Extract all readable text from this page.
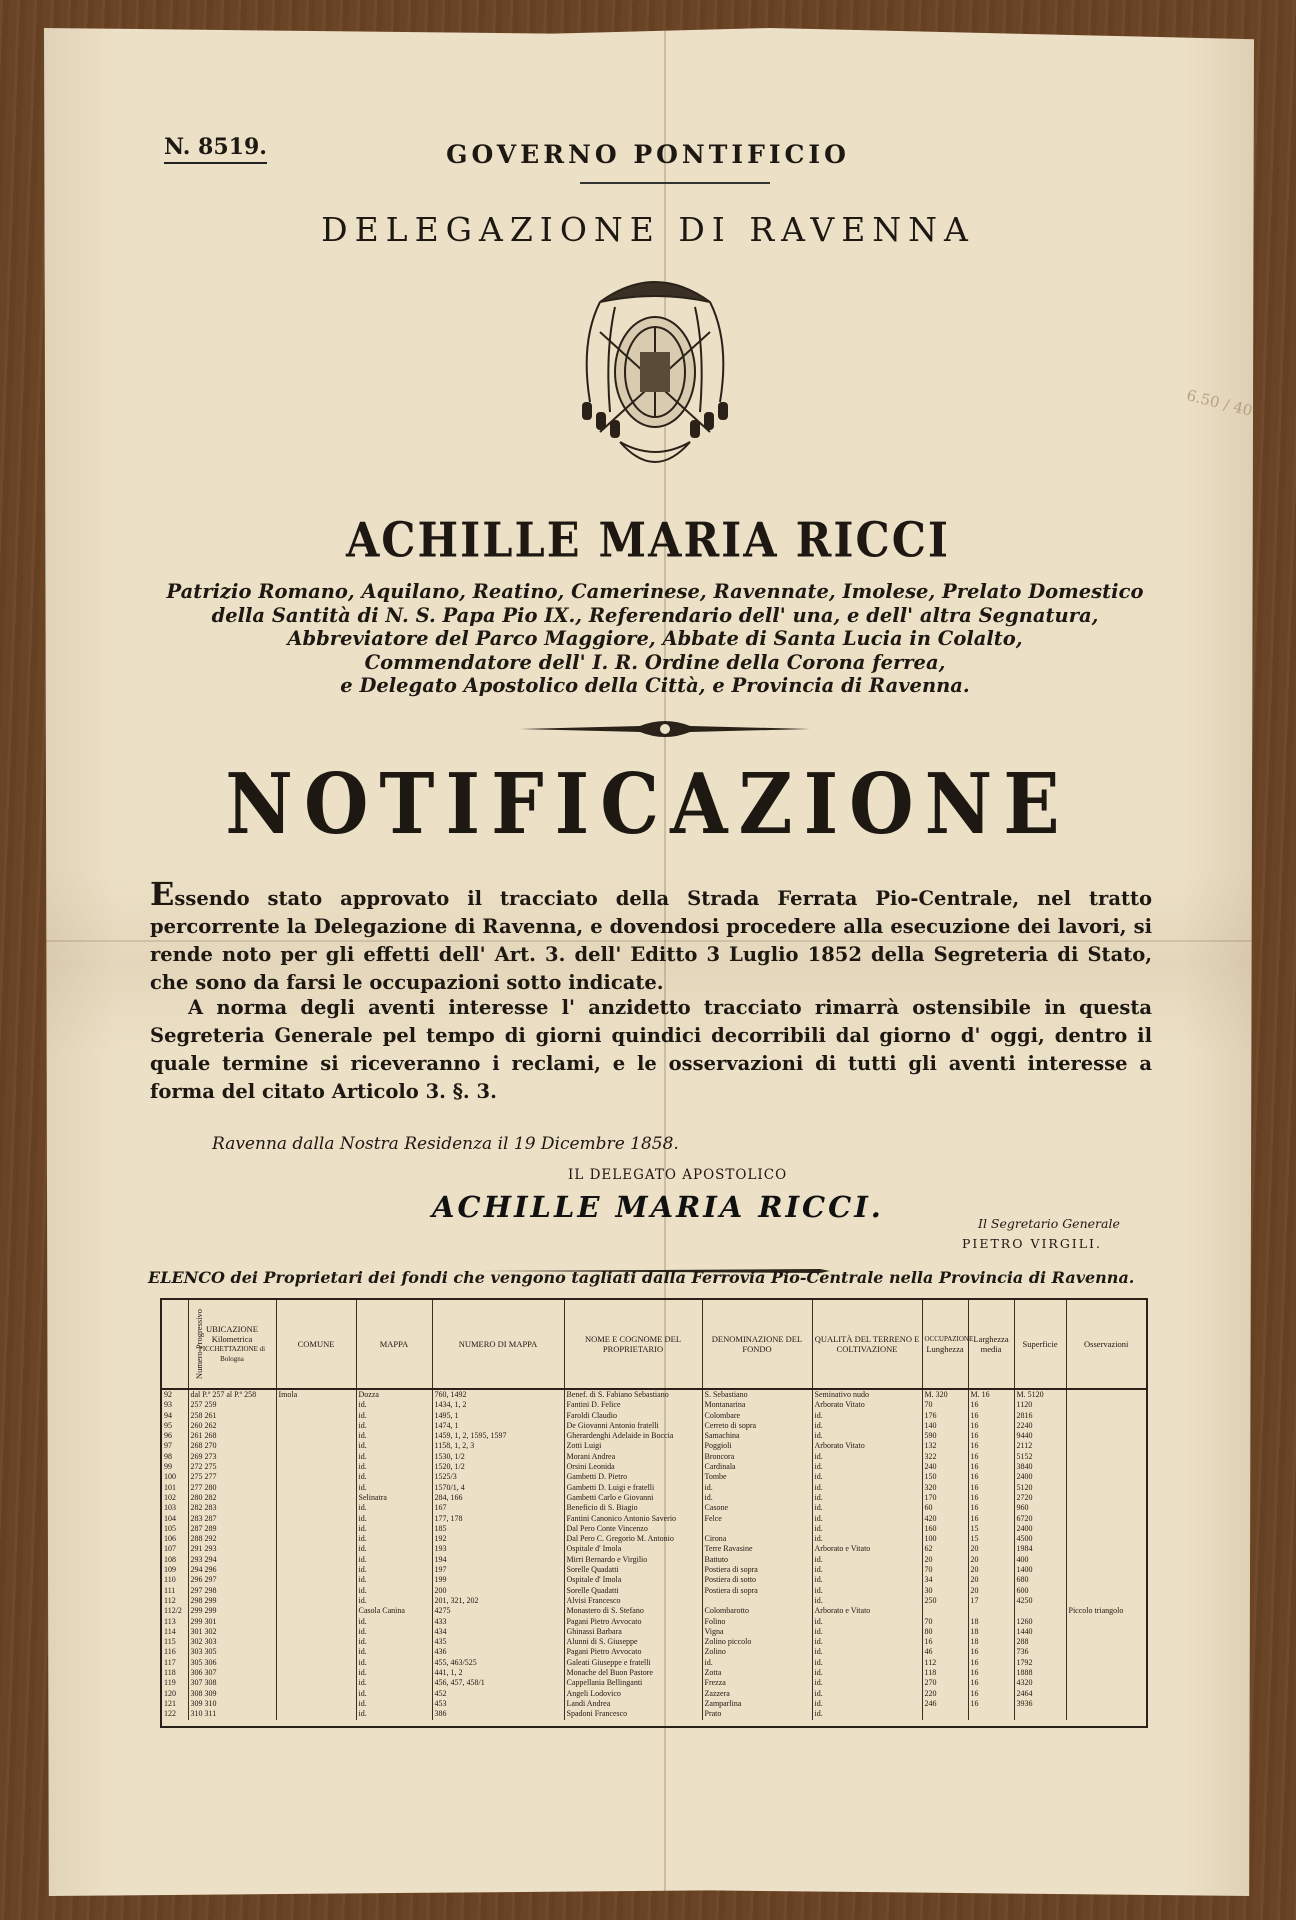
N. 8519.	GOVERNO PONTIFICIO
DELEGAZIONE DI RAVENNA
ACHILLE MARIA RICCI
Patrizio Romano, Aquilano, Reatino, Camerinese, Ravennate, Imolese, Prelato Domestico
della Santità di N. S. Papa Pio IX., Referendario dell' una, e dell' altra Segnatura,
Abbreviatore del Parco Maggiore, Abbate di Santa Lucia in Colalto,
Commendatore dell' I. R. Ordine della Corona ferrea,
e Delegato Apostolico della Città, e Provincia di Ravenna.
NOTIFICAZIONE
Essendo stato approvato il tracciato della Strada Ferrata Pio-Centrale, nel tratto percorrente la Delegazione di Ravenna, e dovendosi procedere alla esecuzione dei lavori, si rende noto per gli effetti dell' Art. 3. dell' Editto 3 Luglio 1852 della Segreteria di Stato, che sono da farsi le occupazioni sotto indicate.
A norma degli aventi interesse l' anzidetto tracciato rimarrà ostensibile in questa Segreteria Generale pel tempo di giorni quindici decorribili dal giorno d' oggi, dentro il quale termine si riceveranno i reclami, e le osservazioni di tutti gli aventi interesse a forma del citato Articolo 3. §. 3.
Ravenna dalla Nostra Residenza il 19 Dicembre 1858.
IL DELEGATO APOSTOLICO
ACHILLE MARIA RICCI.	Il Segretario Generale
PIETRO VIRGILI.
6.50 / 40
ELENCO dei Proprietari dei fondi che vengono tagliati dalla Ferrovia Pio-Centrale nella Provincia di Ravenna.
Numero Progressivo	UBICAZIONE Kilometrica
PICCHETTAZIONE di Bologna	COMUNE	MAPPA	NUMERO DI MAPPA	NOME E COGNOME DEL PROPRIETARIO	DENOMINAZIONE DEL FONDO	QUALITÀ DEL TERRENO E COLTIVAZIONE	OCCUPAZIONE
Lunghezza	Larghezza media	Superficie	Osservazioni
92	dal P.º 257 al P.º 258	Imola	Dozza	760, 1492	Benef. di S. Fabiano Sebastiano	S. Sebastiano	Seminativo nudo	M. 320	M. 16	M. 5120	
93	257 259		id.	1434, 1, 2	Fantini D. Felice	Montanarina	Arborato Vitato	70	16	1120	
94	258 261		id.	1495, 1	Faroldi Claudio	Colombare	id.	176	16	2816	
95	260 262		id.	1474, 1	De Giovanni Antonio fratelli	Cerreto di sopra	id.	140	16	2240	
96	261 268		id.	1459, 1, 2, 1595, 1597	Gherardenghi Adelaide in Boccia	Samachina	id.	590	16	9440	
97	268 270		id.	1158, 1, 2, 3	Zotti Luigi	Poggioli	Arborato Vitato	132	16	2112	
98	269 273		id.	1530, 1/2	Morani Andrea	Broncora	id.	322	16	5152	
99	272 275		id.	1520, 1/2	Orsini Leonida	Cardinala	id.	240	16	3840	
100	275 277		id.	1525/3	Gambetti D. Pietro	Tombe	id.	150	16	2400	
101	277 280		id.	1570/1, 4	Gambetti D. Luigi e fratelli	id.	id.	320	16	5120	
102	280 282		Selinatra	284, 166	Gambetti Carlo e Giovanni	id.	id.	170	16	2720	
103	282 283		id.	167	Beneficio di S. Biagio	Casone	id.	60	16	960	
104	283 287		id.	177, 178	Fantini Canonico Antonio Saverio	Felce	id.	420	16	6720	
105	287 289		id.	185	Dal Pero Conte Vincenzo		id.	160	15	2400	
106	288 292		id.	192	Dal Pero C. Gregorio M. Antonio	Cirona	id.	100	15	4500	
107	291 293		id.	193	Ospitale d' Imola	Terre Ravasine	Arborato e Vitato	62	20	1984	
108	293 294		id.	194	Mirri Bernardo e Virgilio	Battuto	id.	20	20	400	
109	294 296		id.	197	Sorelle Quadatti	Postiera di sopra	id.	70	20	1400	
110	296 297		id.	199	Ospitale d' Imola	Postiera di sotto	id.	34	20	680	
111	297 298		id.	200	Sorelle Quadatti	Postiera di sopra	id.	30	20	600	
112	298 299		id.	201, 321, 202	Alvisi Francesco		id.	250	17	4250	
112/2	299 299		Casola Canina	4275	Monastero di S. Stefano	Colombarotto	Arborato e Vitato				Piccolo triangolo
113	299 301		id.	433	Pagani Pietro Avvocato	Folino	id.	70	18	1260	
114	301 302		id.	434	Ghinassi Barbara	Vigna	id.	80	18	1440	
115	302 303		id.	435	Alunni di S. Giuseppe	Zolino piccolo	id.	16	18	288	
116	303 305		id.	436	Pagani Pietro Avvocato	Zolino	id.	46	16	736	
117	305 306		id.	455, 463/525	Galeati Giuseppe e fratelli	id.	id.	112	16	1792	
118	306 307		id.	441, 1, 2	Monache del Buon Pastore	Zotta	id.	118	16	1888	
119	307 308		id.	456, 457, 458/1	Cappellania Bellinganti	Frezza	id.	270	16	4320	
120	308 309		id.	452	Angeli Lodovico	Zazzera	id.	220	16	2464	
121	309 310		id.	453	Landi Andrea	Zamparlina	id.	246	16	3936	
122	310 311		id.	386	Spadoni Francesco	Prato	id.				
